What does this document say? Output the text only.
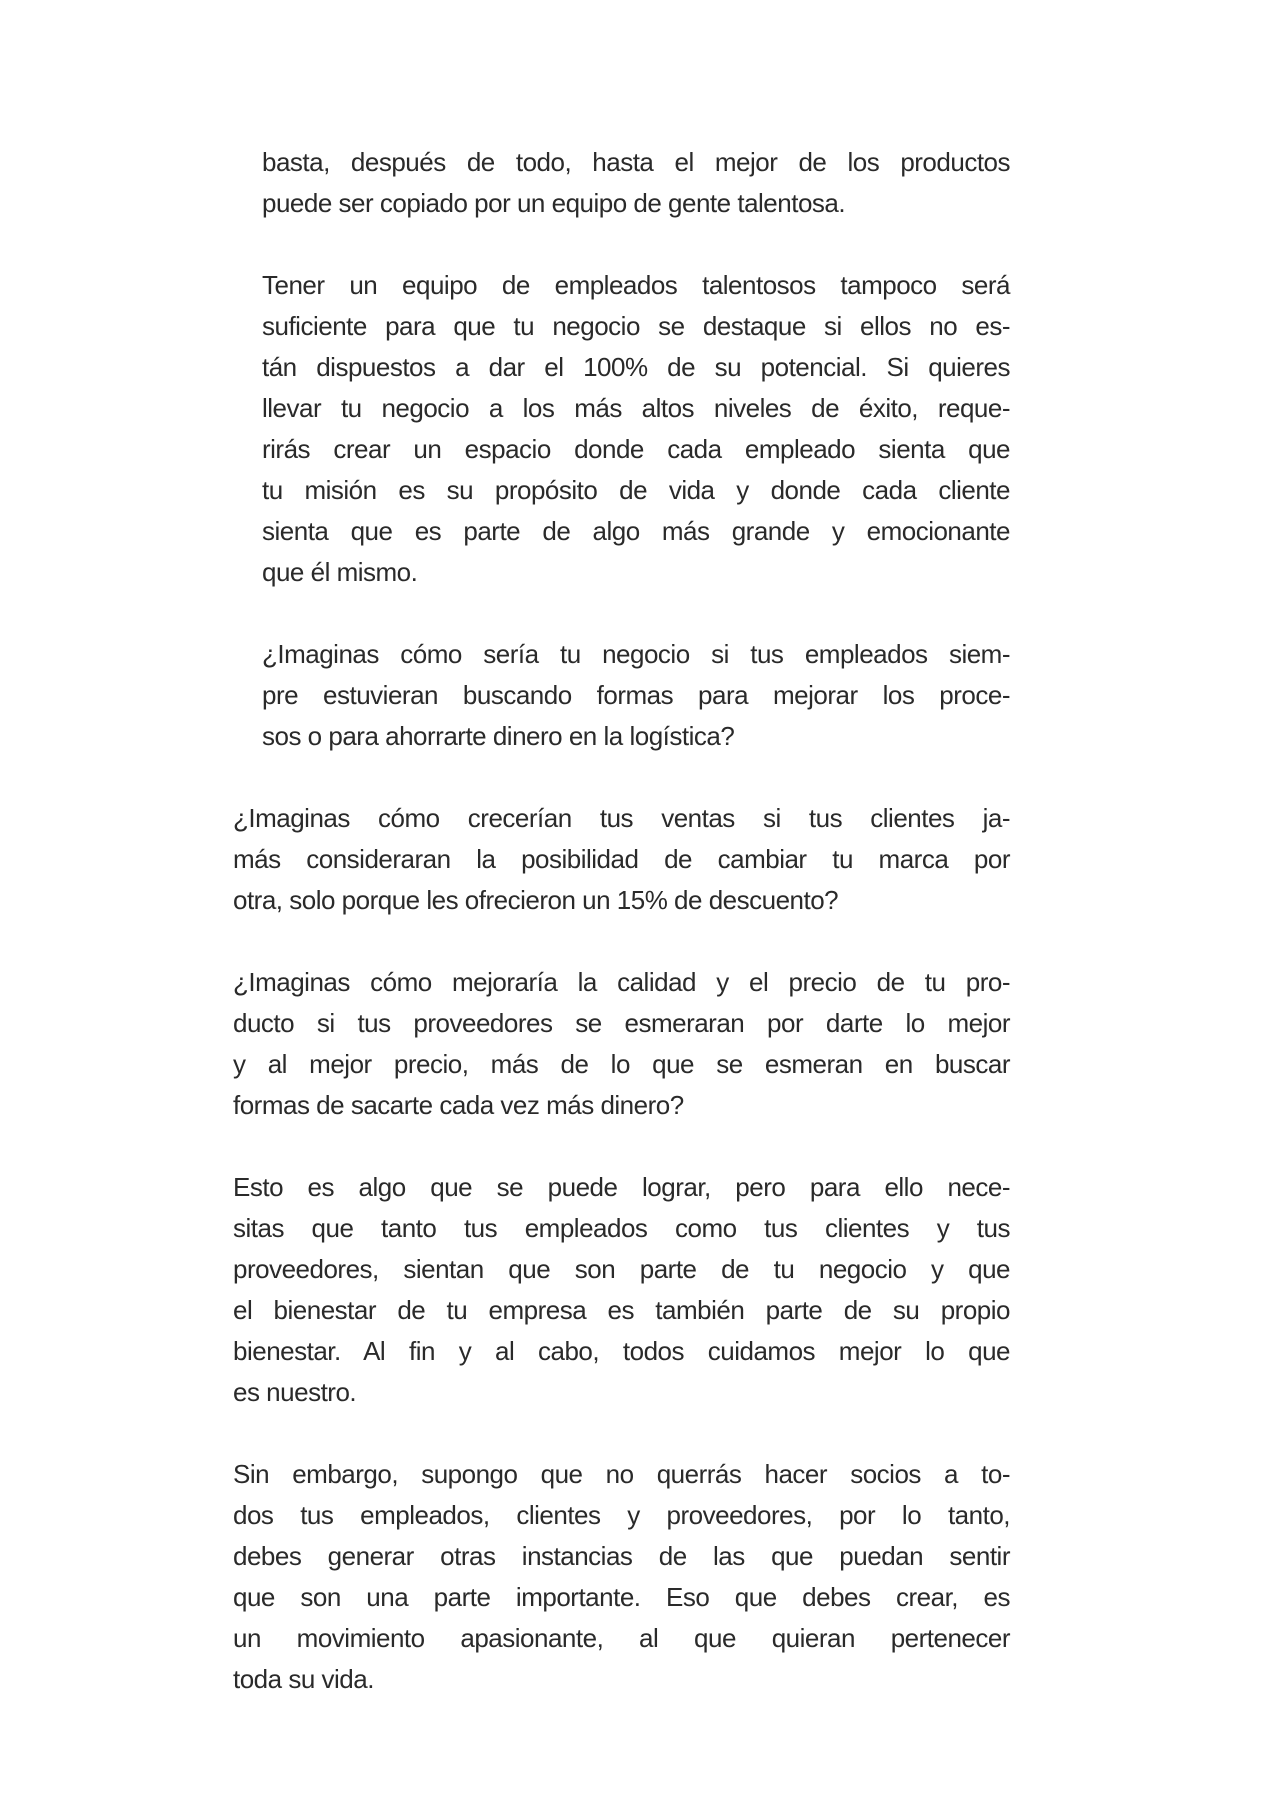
basta, después de todo, hasta el mejor de los productos
puede ser copiado por un equipo de gente talentosa.
Tener un equipo de empleados talentosos tampoco será
suficiente para que tu negocio se destaque si ellos no es-
tán dispuestos a dar el 100% de su potencial. Si quieres
llevar tu negocio a los más altos niveles de éxito, reque-
rirás crear un espacio donde cada empleado sienta que
tu misión es su propósito de vida y donde cada cliente
sienta que es parte de algo más grande y emocionante
que él mismo.
¿Imaginas cómo sería tu negocio si tus empleados siem-
pre estuvieran buscando formas para mejorar los proce-
sos o para ahorrarte dinero en la logística?
¿Imaginas cómo crecerían tus ventas si tus clientes ja-
más consideraran la posibilidad de cambiar tu marca por
otra, solo porque les ofrecieron un 15% de descuento?
¿Imaginas cómo mejoraría la calidad y el precio de tu pro-
ducto si tus proveedores se esmeraran por darte lo mejor
y al mejor precio, más de lo que se esmeran en buscar
formas de sacarte cada vez más dinero?
Esto es algo que se puede lograr, pero para ello nece-
sitas que tanto tus empleados como tus clientes y tus
proveedores, sientan que son parte de tu negocio y que
el bienestar de tu empresa es también parte de su propio
bienestar. Al fin y al cabo, todos cuidamos mejor lo que
es nuestro.
Sin embargo, supongo que no querrás hacer socios a to-
dos tus empleados, clientes y proveedores, por lo tanto,
debes generar otras instancias de las que puedan sentir
que son una parte importante. Eso que debes crear, es
un movimiento apasionante, al que quieran pertenecer
toda su vida.
